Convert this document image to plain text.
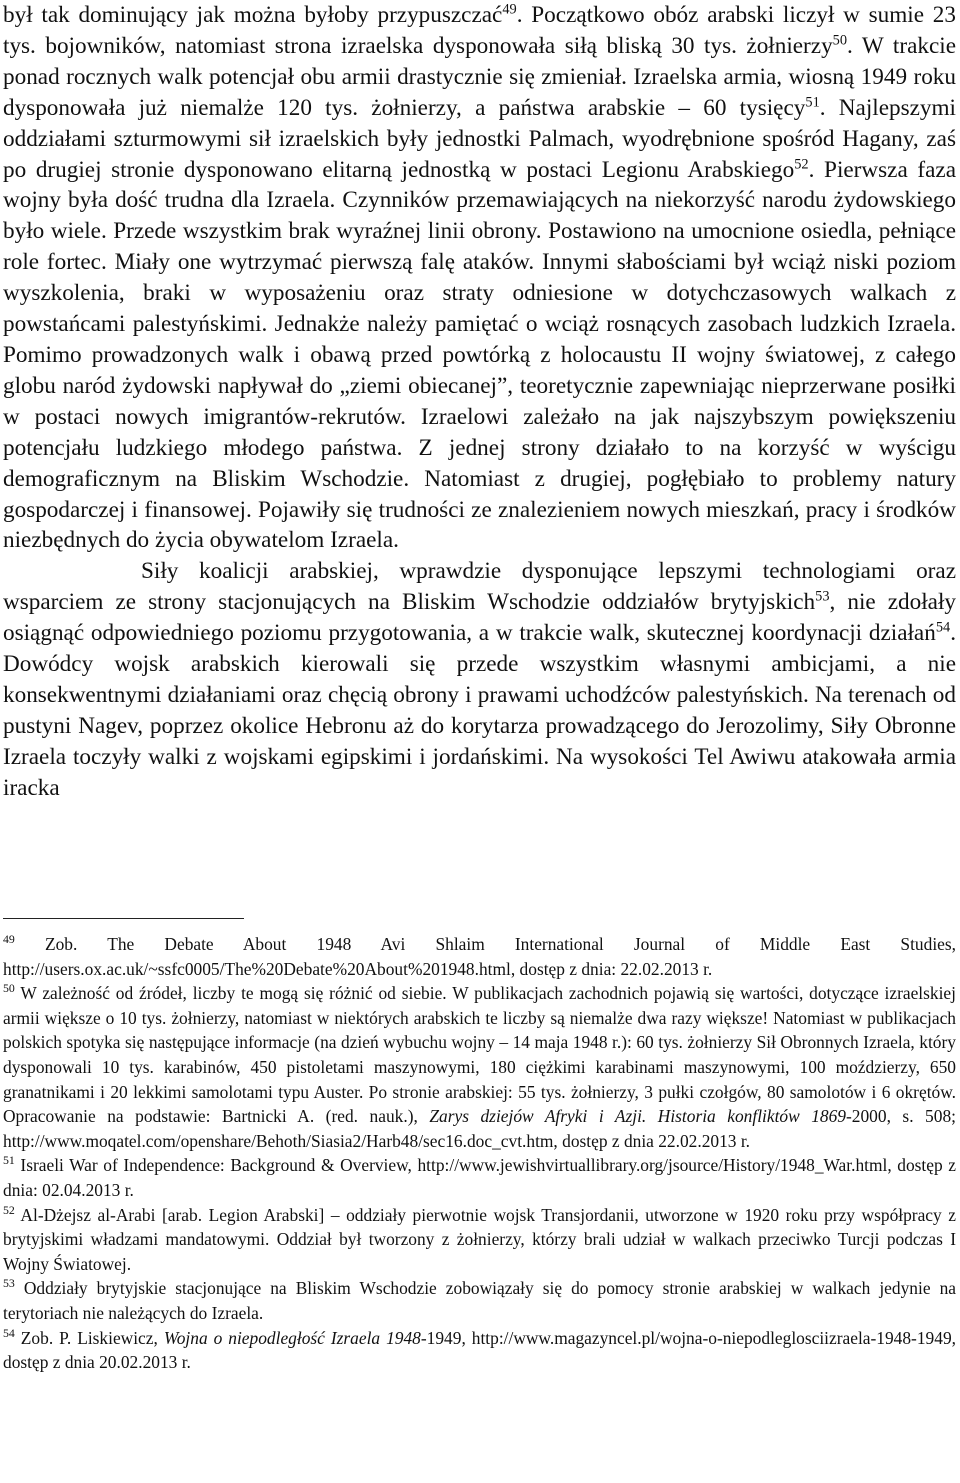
był tak dominujący jak można byłoby przypuszczać$^{49}$. Początkowo obóz arabski liczył w sumie 23 tys. bojowników, natomiast strona izraelska dysponowała siłą bliską 30 tys. żołnierzy$^{50}$. W trakcie ponad rocznych walk potencjał obu armii drastycznie się zmieniał. Izraelska armia, wiosną 1949 roku dysponowała już niemalże 120 tys. żołnierzy, a państwa arabskie – 60 tysięcy$^{51}$. Najlepszymi oddziałami szturmowymi sił izraelskich były jednostki Palmach, wyodrębnione spośród Hagany, zaś po drugiej stronie dysponowano elitarną jednostką w postaci Legionu Arabskiego$^{52}$. Pierwsza faza wojny była dość trudna dla Izraela. Czynników przemawiających na niekorzyść narodu żydowskiego było wiele. Przede wszystkim brak wyraźnej linii obrony. Postawiono na umocnione osiedla, pełniące role fortec. Miały one wytrzymać pierwszą falę ataków. Innymi słabościami był wciąż niski poziom wyszkolenia, braki w wyposażeniu oraz straty odniesione w dotychczasowych walkach z powstańcami palestyńskimi. Jednakże należy pamiętać o wciąż rosnących zasobach ludzkich Izraela. Pomimo prowadzonych walk i obawą przed powtórką z holocaustu II wojny światowej, z całego globu naród żydowski napływał do „ziemi obiecanej”, teoretycznie zapewniając nieprzerwane posiłki w postaci nowych imigrantów-rekrutów. Izraelowi zależało na jak najszybszym powiększeniu potencjału ludzkiego młodego państwa. Z jednej strony działało to na korzyść w wyścigu demograficznym na Bliskim Wschodzie. Natomiast z drugiej, pogłębiało to problemy natury gospodarczej i finansowej. Pojawiły się trudności ze znalezieniem nowych mieszkań, pracy i środków niezbędnych do życia obywatelom Izraela.

Siły koalicji arabskiej, wprawdzie dysponujące lepszymi technologiami oraz wsparciem ze strony stacjonujących na Bliskim Wschodzie oddziałów brytyjskich$^{53}$, nie zdołały osiągnąć odpowiedniego poziomu przygotowania, a w trakcie walk, skutecznej koordynacji działań$^{54}$. Dowódcy wojsk arabskich kierowali się przede wszystkim własnymi ambicjami, a nie konsekwentnymi działaniami oraz chęcią obrony i prawami uchodźców palestyńskich. Na terenach od pustyni Nagev, poprzez okolice Hebronu aż do korytarza prowadzącego do Jerozolimy, Siły Obronne Izraela toczyły walki z wojskami egipskimi i jordańskimi. Na wysokości Tel Awiwu atakowała armia iracka

$^{49}$ Zob. The Debate About 1948 Avi Shlaim International Journal of Middle East Studies, http://users.ox.ac.uk/~ssfc0005/The%20Debate%20About%201948.html, dostęp z dnia: 22.02.2013 r.

$^{50}$ W zależność od źródeł, liczby te mogą się różnić od siebie. W publikacjach zachodnich pojawią się wartości, dotyczące izraelskiej armii większe o 10 tys. żołnierzy, natomiast w niektórych arabskich te liczby są niemalże dwa razy większe! Natomiast w publikacjach polskich spotyka się następujące informacje (na dzień wybuchu wojny – 14 maja 1948 r.): 60 tys. żołnierzy Sił Obronnych Izraela, który dysponowali 10 tys. karabinów, 450 pistoletami maszynowymi, 180 ciężkimi karabinami maszynowymi, 100 moździerzy, 650 granatnikami i 20 lekkimi samolotami typu Auster. Po stronie arabskiej: 55 tys. żołnierzy, 3 pułki czołgów, 80 samolotów i 6 okrętów. Opracowanie na podstawie: Bartnicki A. (red. nauk.), Zarys dziejów Afryki i Azji. Historia konfliktów 1869-2000, s. 508; http://www.moqatel.com/openshare/Behoth/Siasia2/Harb48/sec16.doc_cvt.htm, dostęp z dnia 22.02.2013 r.

$^{51}$ Israeli War of Independence: Background & Overview, http://www.jewishvirtuallibrary.org/jsource/History/1948_War.html, dostęp z dnia: 02.04.2013 r.

$^{52}$ Al-Dżejsz al-Arabi [arab. Legion Arabski] – oddziały pierwotnie wojsk Transjordanii, utworzone w 1920 roku przy współpracy z brytyjskimi władzami mandatowymi. Oddział był tworzony z żołnierzy, którzy brali udział w walkach przeciwko Turcji podczas I Wojny Światowej.

$^{53}$ Oddziały brytyjskie stacjonujące na Bliskim Wschodzie zobowiązały się do pomocy stronie arabskiej w walkach jedynie na terytoriach nie należących do Izraela.

$^{54}$ Zob. P. Liskiewicz, Wojna o niepodległość Izraela 1948-1949, http://www.magazyncel.pl/wojna-o-niepodleglosciizraela-1948-1949, dostęp z dnia 20.02.2013 r.
